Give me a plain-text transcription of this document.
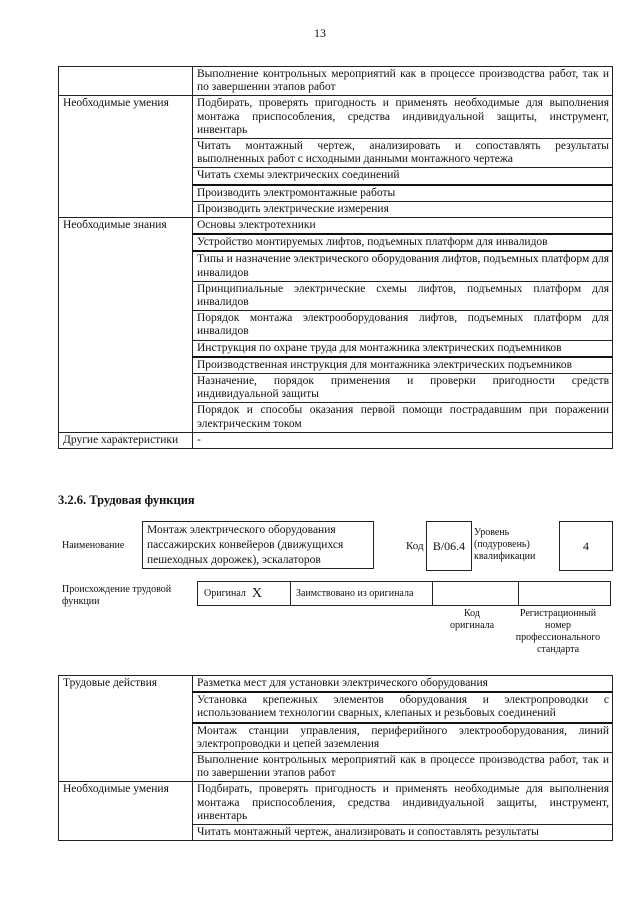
13
	Выполнение контрольных мероприятий как в процессе производства работ, так и по завершении этапов работ
Необходимые умения	Подбирать, проверять пригодность и применять необходимые для выполнения монтажа приспособления, средства индивидуальной защиты, инструмент, инвентарь
	Читать монтажный чертеж, анализировать и сопоставлять результаты выполненных работ с исходными данными монтажного чертежа
	Читать схемы электрических соединений
	Производить электромонтажные работы
	Производить электрические измерения
Необходимые знания	Основы электротехники
	Устройство монтируемых лифтов, подъемных платформ для инвалидов
	Типы и назначение электрического оборудования лифтов, подъемных платформ для инвалидов
	Принципиальные электрические схемы лифтов, подъемных платформ для инвалидов
	Порядок монтажа электрооборудования лифтов, подъемных платформ для инвалидов
	Инструкция по охране труда для монтажника электрических подъемников
	Производственная инструкция для монтажника электрических подъемников
	Назначение, порядок применения и проверки пригодности средств индивидуальной защиты
	Порядок и способы оказания первой помощи пострадавшим при поражении электрическим током
Другие характеристики	-
3.2.6. Трудовая функция
Наименование
Монтаж электрического оборудования пассажирских конвейеров (движущихся пешеходных дорожек), эскалаторов
Код В/06.4
Уровень (подуровень) квалификации
4
Происхождение трудовой функции
Оригинал X	Заимствовано из оригинала
Код оригинала
Регистрационный номер профессионального стандарта
Трудовые действия	Разметка мест для установки электрического оборудования
	Установка крепежных элементов оборудования и электропроводки с использованием технологии сварных, клепаных и резьбовых соединений
	Монтаж станции управления, периферийного электрооборудования, линий электропроводки и цепей заземления
	Выполнение контрольных мероприятий как в процессе производства работ, так и по завершении этапов работ
Необходимые умения	Подбирать, проверять пригодность и применять необходимые для выполнения монтажа приспособления, средства индивидуальной защиты, инструмент, инвентарь
	Читать монтажный чертеж, анализировать и сопоставлять результаты
